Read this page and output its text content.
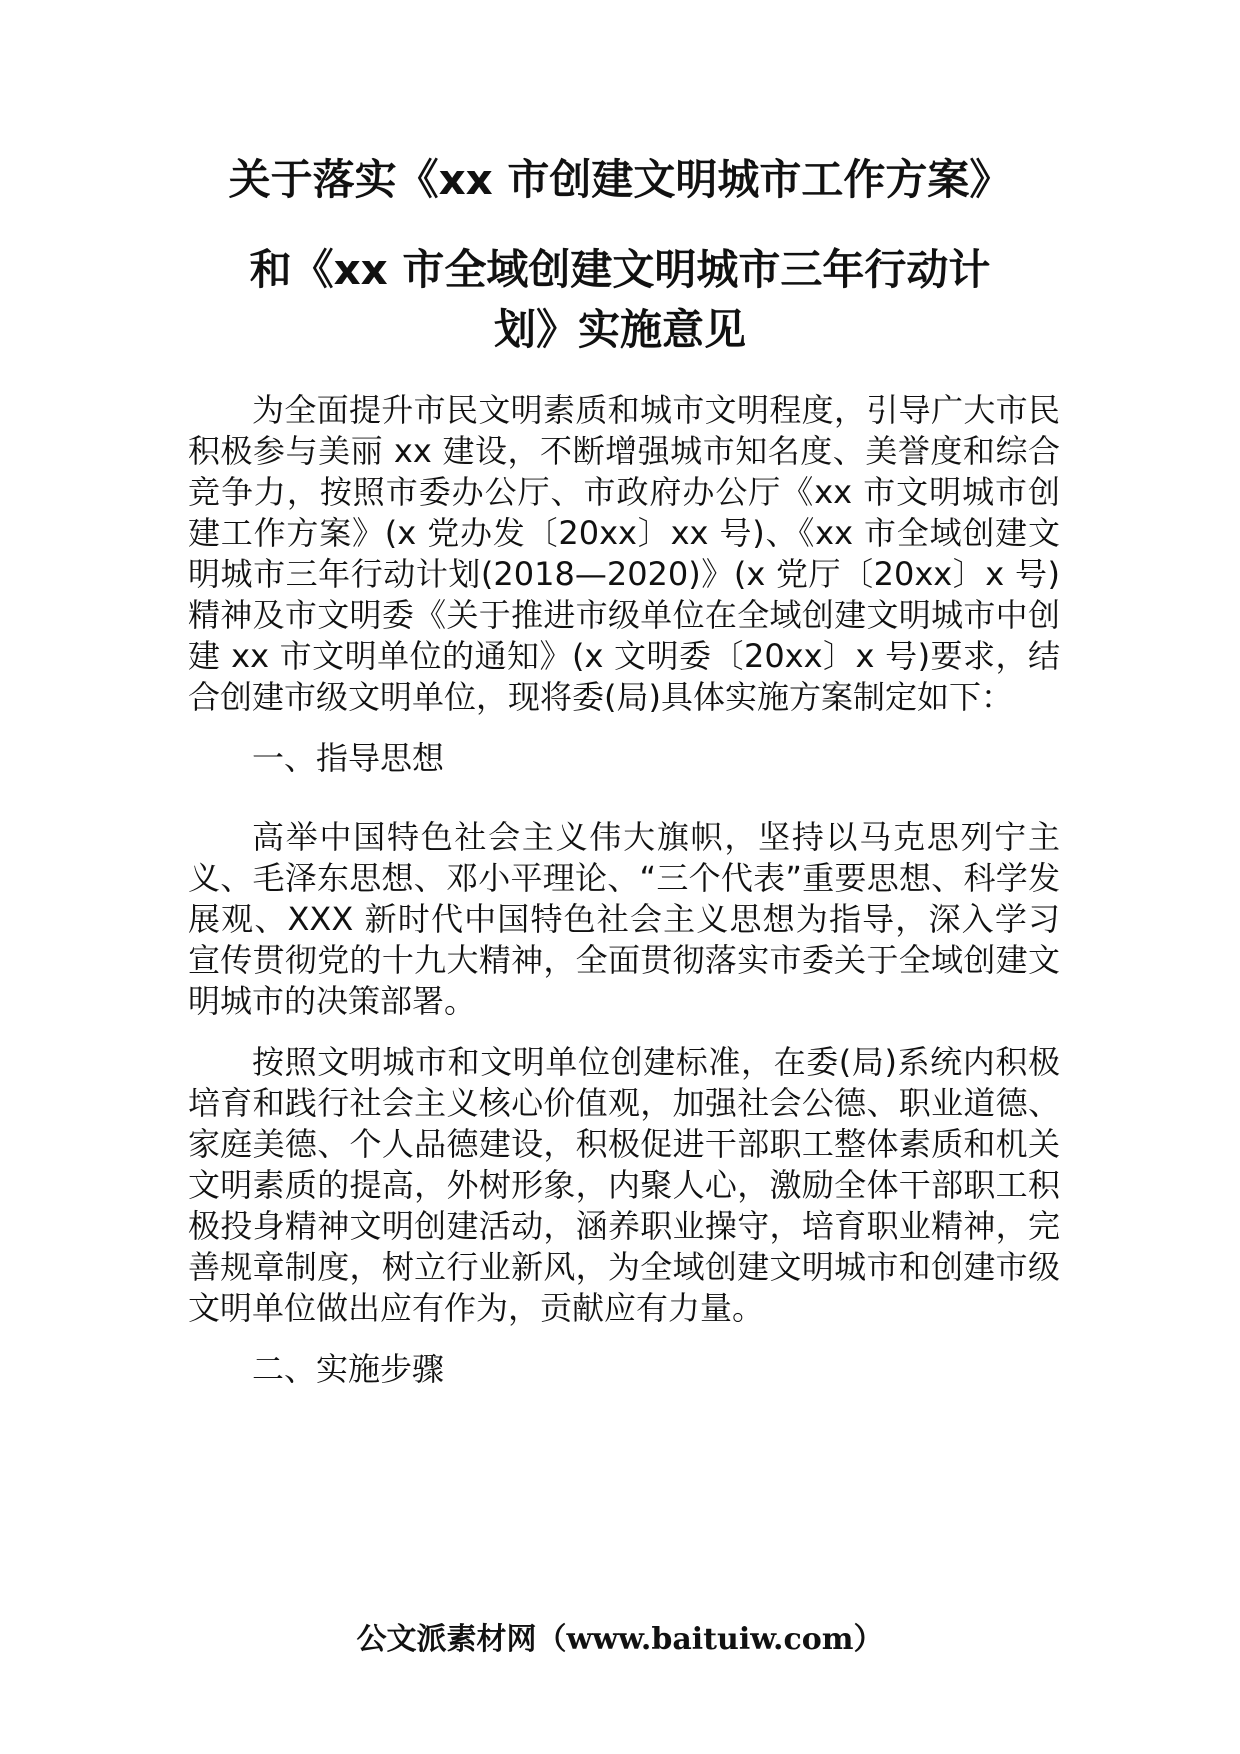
关于落实《xx 市创建文明城市工作方案》
和《xx 市全域创建文明城市三年行动计
划》实施意见

为全面提升市民文明素质和城市文明程度，引导广大市民积极参与美丽 xx 建设，不断增强城市知名度、美誉度和综合竞争力，按照市委办公厅、市政府办公厅《xx 市文明城市创建工作方案》(x 党办发〔20xx〕xx 号)、《xx 市全域创建文明城市三年行动计划(2018—2020)》(x 党厅〔20xx〕x 号)精神及市文明委《关于推进市级单位在全域创建文明城市中创建 xx 市文明单位的通知》(x 文明委〔20xx〕x 号)要求，结合创建市级文明单位，现将委(局)具体实施方案制定如下：

一、指导思想

高举中国特色社会主义伟大旗帜，坚持以马克思列宁主义、毛泽东思想、邓小平理论、“三个代表”重要思想、科学发展观、XXX 新时代中国特色社会主义思想为指导，深入学习宣传贯彻党的十九大精神，全面贯彻落实市委关于全域创建文明城市的决策部署。

按照文明城市和文明单位创建标准，在委(局)系统内积极培育和践行社会主义核心价值观，加强社会公德、职业道德、家庭美德、个人品德建设，积极促进干部职工整体素质和机关文明素质的提高，外树形象，内聚人心，激励全体干部职工积极投身精神文明创建活动，涵养职业操守，培育职业精神，完善规章制度，树立行业新风，为全域创建文明城市和创建市级文明单位做出应有作为，贡献应有力量。

二、实施步骤

公文派素材网（www.baituiw.com）
